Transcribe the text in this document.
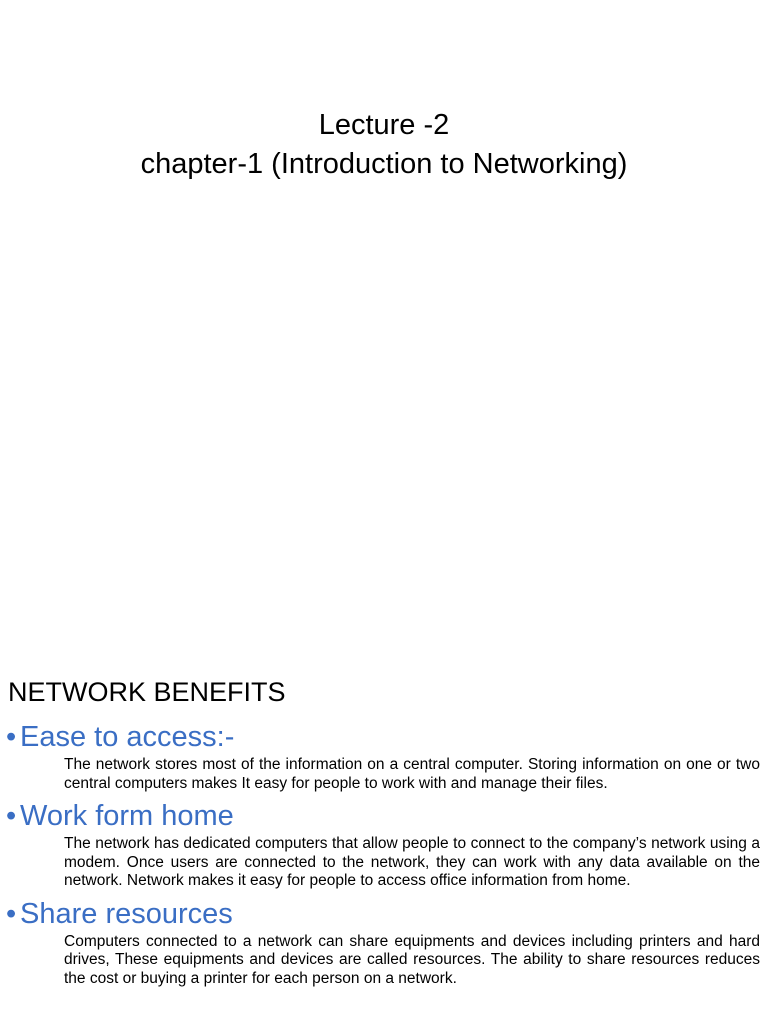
Lecture -2
chapter-1 (Introduction to Networking)
NETWORK BENEFITS
• Ease to access:-

The network stores most of the information on a central computer. Storing information on one or two central computers makes It easy for people to work with and manage their files.

• Work form home

The network has dedicated computers that allow people to connect to the company’s network using a modem. Once users are connected to the network, they can work with any data available on the network. Network makes it easy for people to access office information from home.

• Share resources

Computers connected to a network can share equipments and devices including printers and hard drives, These equipments and devices are called resources. The ability to share resources reduces the cost or buying a printer for each person on a network.
